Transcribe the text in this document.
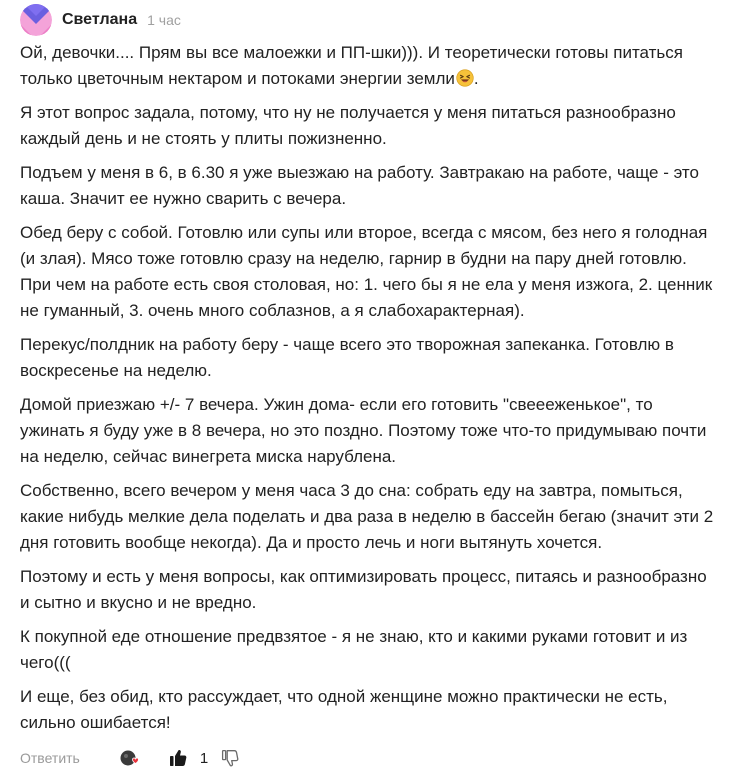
Светлана 1 час

Ой, девочки.... Прям вы все малоежки и ПП-шки))). И теоретически готовы питаться только цветочным нектаром и потоками энергии земли .

Я этот вопрос задала, потому, что ну не получается у меня питаться разнообразно каждый день и не стоять у плиты пожизненно.

Подъем у меня в 6, в 6.30 я уже выезжаю на работу. Завтракаю на работе, чаще - это каша. Значит ее нужно сварить с вечера.

Обед беру с собой. Готовлю или супы или второе, всегда с мясом, без него я голодная (и злая). Мясо тоже готовлю сразу на неделю, гарнир в будни на пару дней готовлю. При чем на работе есть своя столовая, но: 1. чего бы я не ела у меня изжога, 2. ценник не гуманный, 3. очень много соблазнов, а я слабохарактерная).

Перекус/полдник на работу беру - чаще всего это творожная запеканка. Готовлю в воскресенье на неделю.

Домой приезжаю +/- 7 вечера. Ужин дома- если его готовить "свеееженькое", то ужинать я буду уже в 8 вечера, но это поздно. Поэтому тоже что-то придумываю почти на неделю, сейчас винегрета миска нарублена.

Собственно, всего вечером у меня часа 3 до сна: собрать еду на завтра, помыться, какие нибудь мелкие дела поделать и два раза в неделю в бассейн бегаю (значит эти 2 дня готовить вообще некогда). Да и просто лечь и ноги вытянуть хочется.

Поэтому и есть у меня вопросы, как оптимизировать процесс, питаясь и разнообразно и сытно и вкусно и не вредно.

К покупной еде отношение предвзятое - я не знаю, кто и какими руками готовит и из чего(((

И еще, без обид, кто рассуждает, что одной женщине можно практически не есть, сильно ошибается!

Ответить	1
